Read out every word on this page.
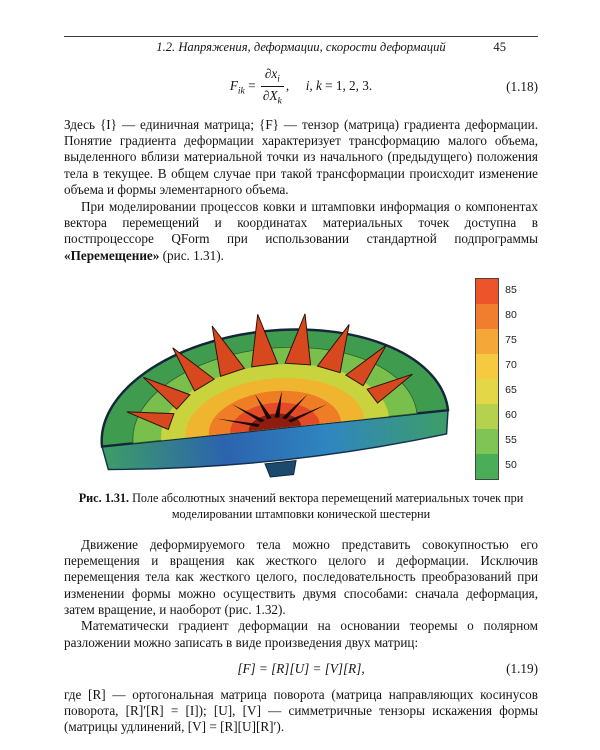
1.2. Напряжения, деформации, скорости деформаций	45
$F_{ik} = \frac{\partial x_i}{\partial X_k}$ , i, k = 1, 2, 3.	(1.18)

Здесь {I} — единичная матрица; {F} — тензор (матрица) градиента деформации. Понятие градиента деформации характеризует трансформацию малого объема, выделенного вблизи материальной точки из начального (предыдущего) положения тела в текущее. В общем случае при такой трансформации происходит изменение объема и формы элементарного объема.

При моделировании процессов ковки и штамповки информация о компонентах вектора перемещений и координатах материальных точек доступна в постпроцессоре QForm при использовании стандартной подпрограммы «Перемещение» (рис. 1.31).

85
80
75
70
65
60
55
50
Рис. 1.31. Поле абсолютных значений вектора перемещений материальных точек при моделировании штамповки конической шестерни

Движение деформируемого тела можно представить совокупностью его перемещения и вращения как жесткого целого и деформации. Исключив перемещения тела как жесткого целого, последовательность преобразований при изменении формы можно осуществить двумя способами: сначала деформация, затем вращение, и наоборот (рис. 1.32).

Математически градиент деформации на основании теоремы о полярном разложении можно записать в виде произведения двух матриц:

[F] = [R][U] = [V][R],	(1.19)

где [R] — ортогональная матрица поворота (матрица направляющих косинусов поворота, [R]′[R] = [I]); [U], [V] — симметричные тензоры искажения формы (матрицы удлинений, [V] = [R][U][R]′).
